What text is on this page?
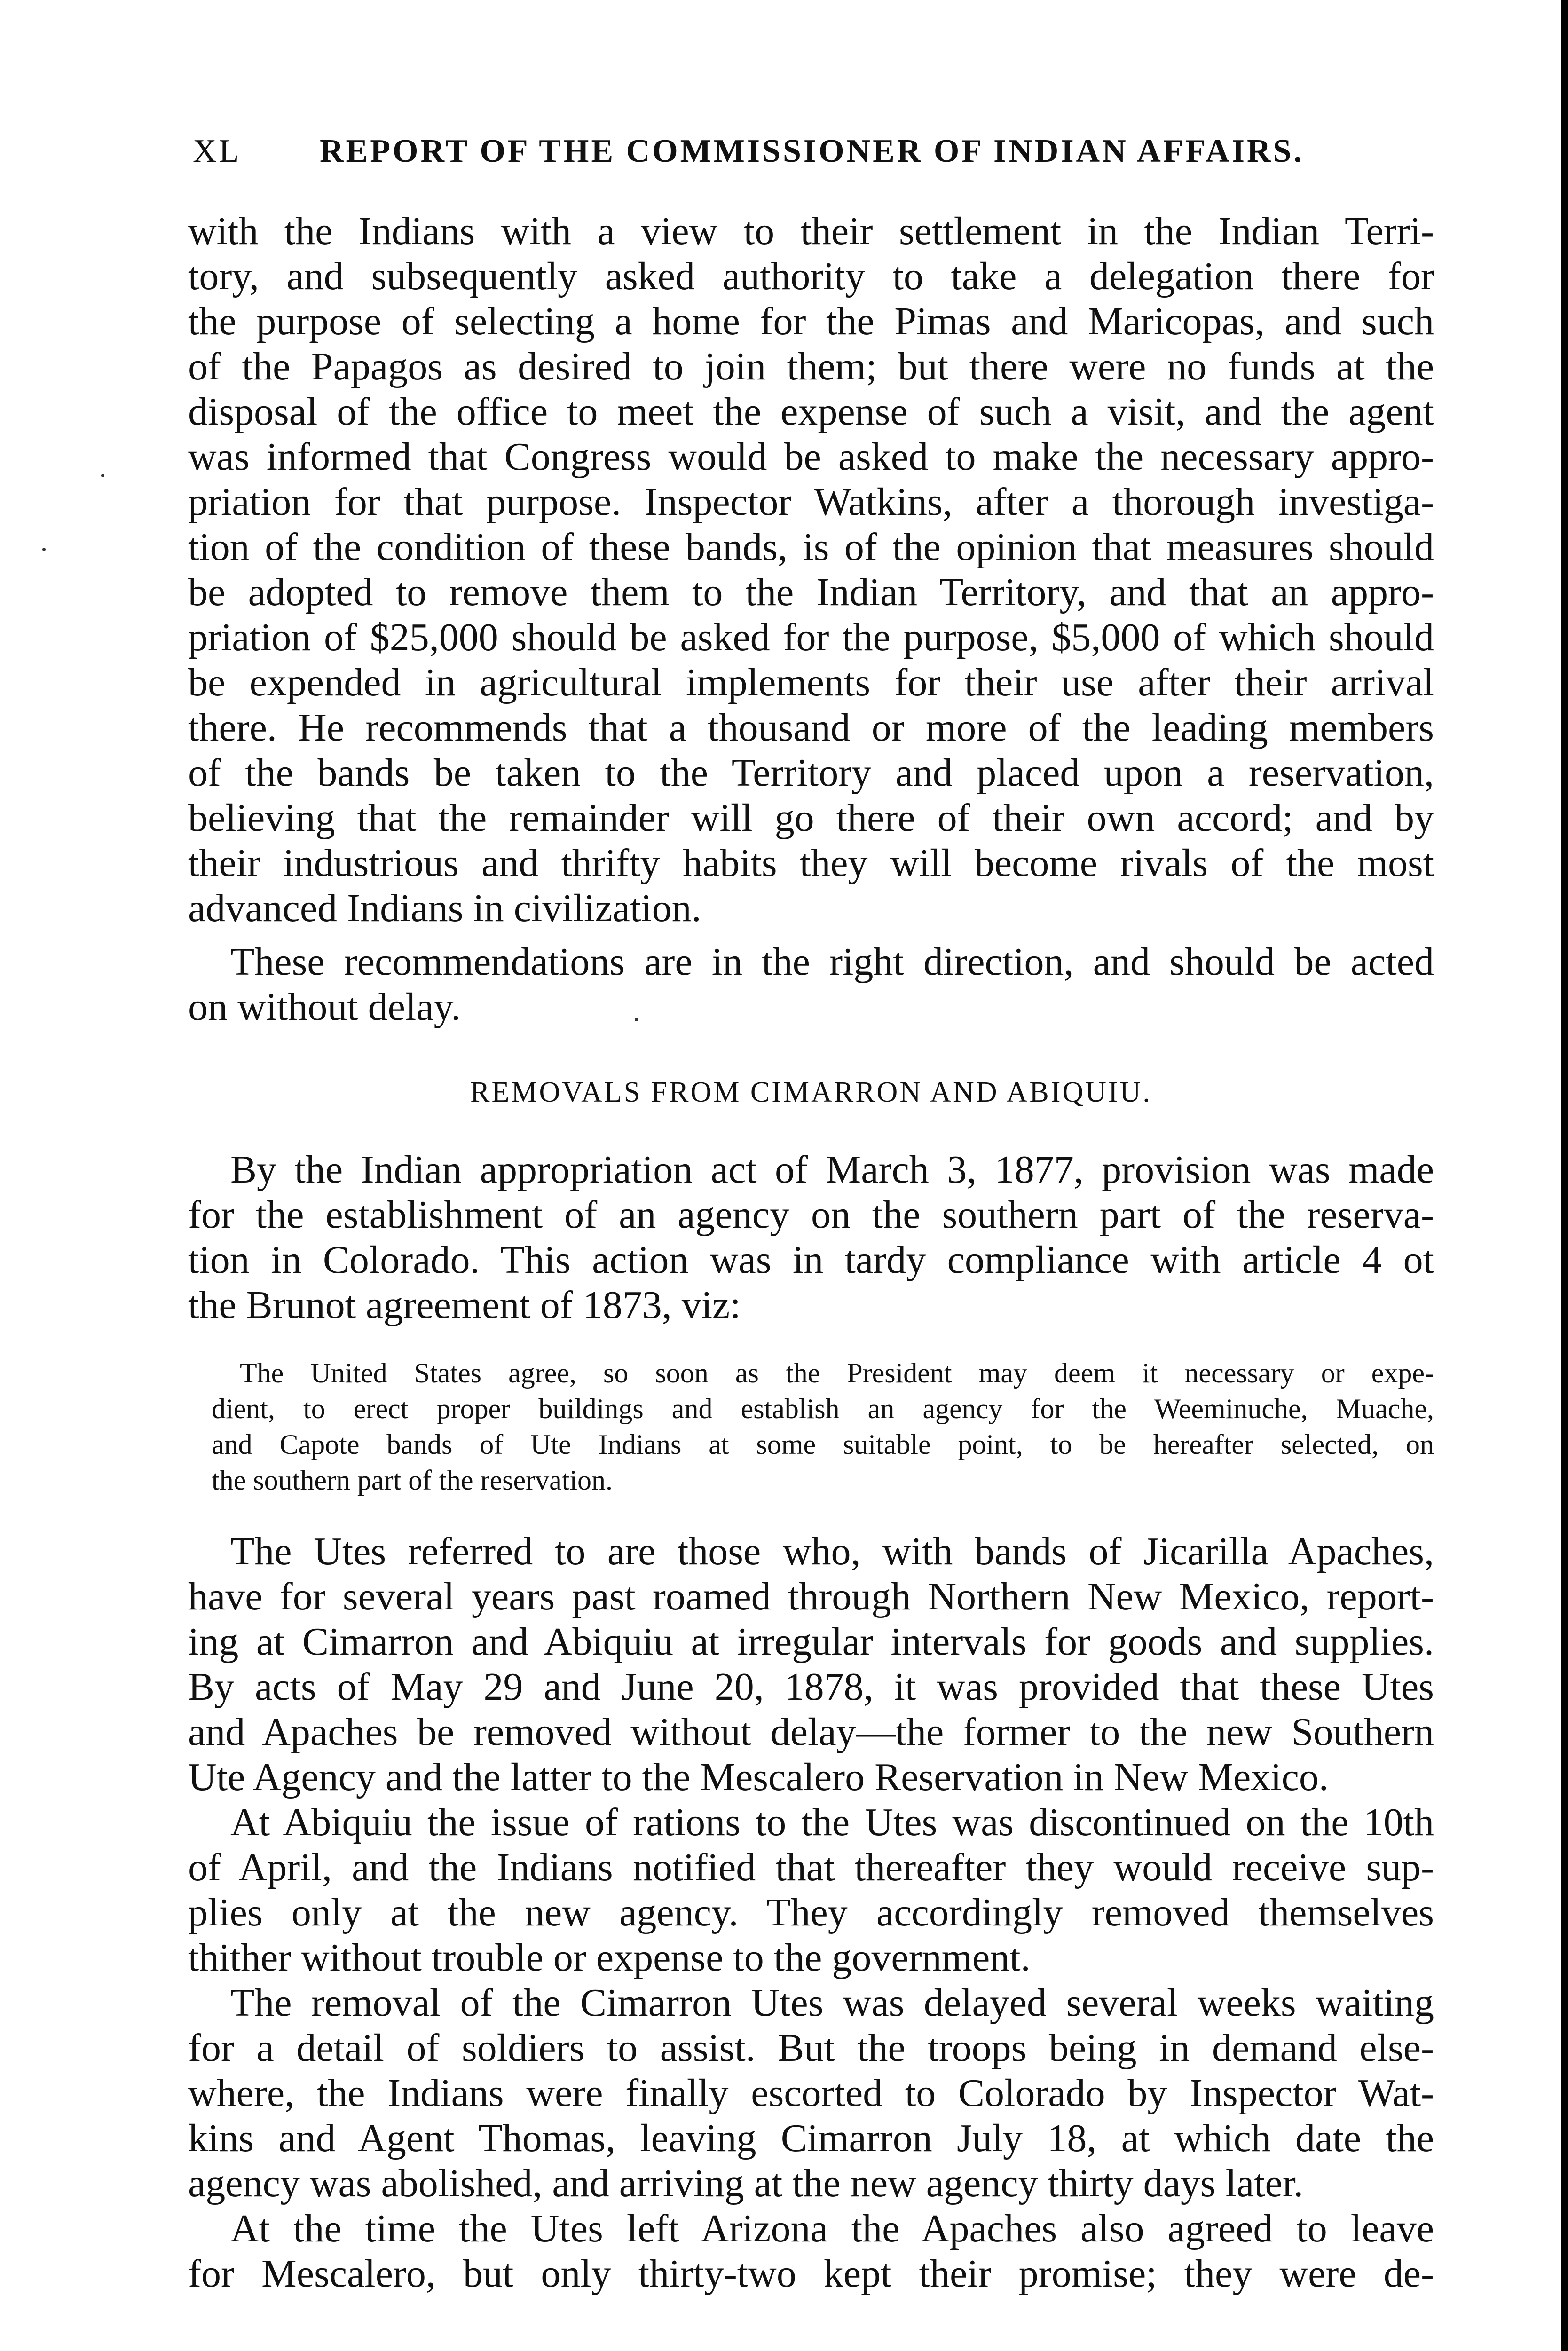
XL REPORT OF THE COMMISSIONER OF INDIAN AFFAIRS.
with the Indians with a view to their settlement in the Indian Terri-
tory, and subsequently asked authority to take a delegation there for
the purpose of selecting a home for the Pimas and Maricopas, and such
of the Papagos as desired to join them; but there were no funds at the
disposal of the office to meet the expense of such a visit, and the agent
was informed that Congress would be asked to make the necessary appro-
priation for that purpose. Inspector Watkins, after a thorough investiga-
tion of the condition of these bands, is of the opinion that measures should
be adopted to remove them to the Indian Territory, and that an appro-
priation of $25,000 should be asked for the purpose, $5,000 of which should
be expended in agricultural implements for their use after their arrival
there. He recommends that a thousand or more of the leading members
of the bands be taken to the Territory and placed upon a reservation,
believing that the remainder will go there of their own accord; and by
their industrious and thrifty habits they will become rivals of the most
advanced Indians in civilization.
These recommendations are in the right direction, and should be acted
on without delay.
REMOVALS FROM CIMARRON AND ABIQUIU.
By the Indian appropriation act of March 3, 1877, provision was made
for the establishment of an agency on the southern part of the reserva-
tion in Colorado. This action was in tardy compliance with article 4 ot
the Brunot agreement of 1873, viz:
The United States agree, so soon as the President may deem it necessary or expe-
dient, to erect proper buildings and establish an agency for the Weeminuche, Muache,
and Capote bands of Ute Indians at some suitable point, to be hereafter selected, on
the southern part of the reservation.
The Utes referred to are those who, with bands of Jicarilla Apaches,
have for several years past roamed through Northern New Mexico, report-
ing at Cimarron and Abiquiu at irregular intervals for goods and supplies.
By acts of May 29 and June 20, 1878, it was provided that these Utes
and Apaches be removed without delay—the former to the new Southern
Ute Agency and the latter to the Mescalero Reservation in New Mexico.
At Abiquiu the issue of rations to the Utes was discontinued on the 10th
of April, and the Indians notified that thereafter they would receive sup-
plies only at the new agency. They accordingly removed themselves
thither without trouble or expense to the government.
The removal of the Cimarron Utes was delayed several weeks waiting
for a detail of soldiers to assist. But the troops being in demand else-
where, the Indians were finally escorted to Colorado by Inspector Wat-
kins and Agent Thomas, leaving Cimarron July 18, at which date the
agency was abolished, and arriving at the new agency thirty days later.
At the time the Utes left Arizona the Apaches also agreed to leave
for Mescalero, but only thirty-two kept their promise; they were de-
